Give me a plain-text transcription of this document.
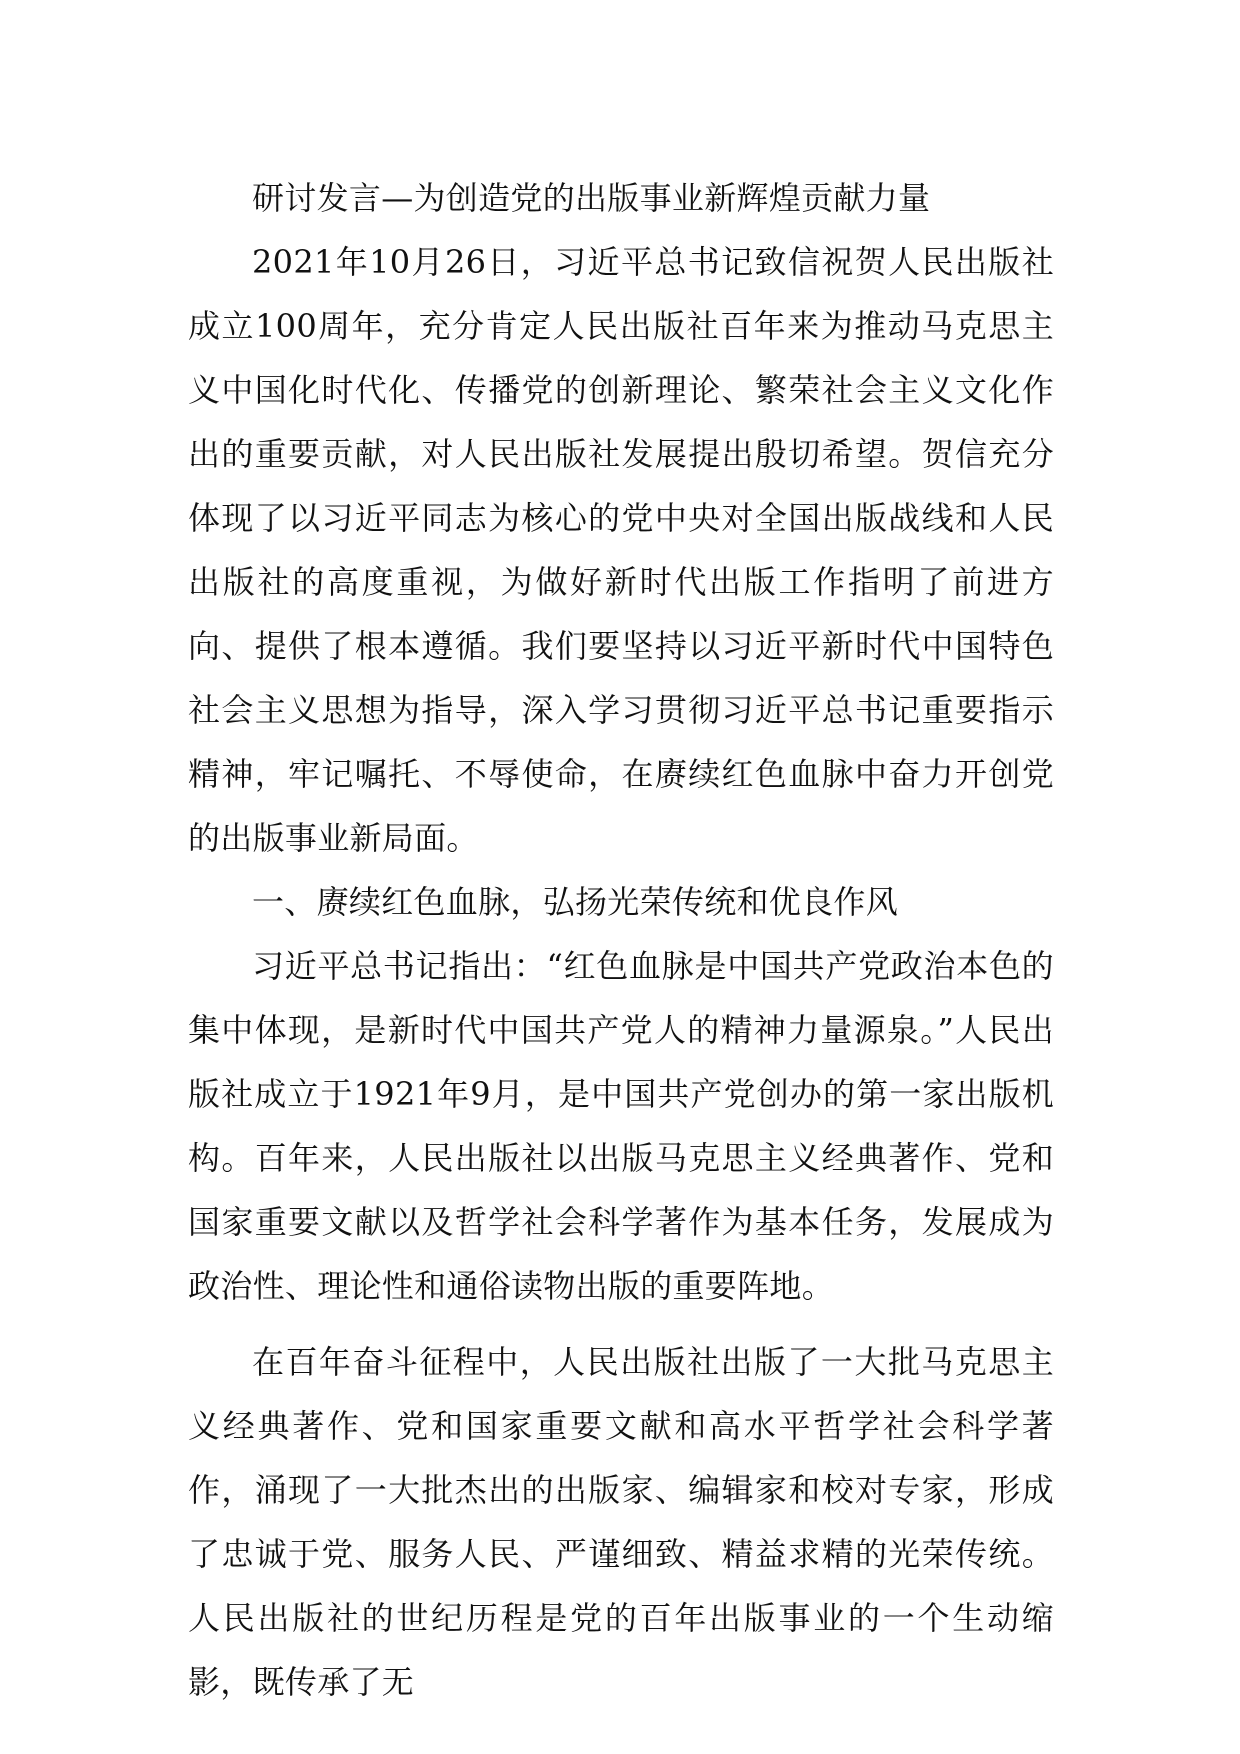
研讨发言—为创造党的出版事业新辉煌贡献力量

2021年10月26日，习近平总书记致信祝贺人民出版社成立100周年，充分肯定人民出版社百年来为推动马克思主义中国化时代化、传播党的创新理论、繁荣社会主义文化作出的重要贡献，对人民出版社发展提出殷切希望。贺信充分体现了以习近平同志为核心的党中央对全国出版战线和人民出版社的高度重视，为做好新时代出版工作指明了前进方向、提供了根本遵循。我们要坚持以习近平新时代中国特色社会主义思想为指导，深入学习贯彻习近平总书记重要指示精神，牢记嘱托、不辱使命，在赓续红色血脉中奋力开创党的出版事业新局面。

一、赓续红色血脉，弘扬光荣传统和优良作风

习近平总书记指出：“红色血脉是中国共产党政治本色的集中体现，是新时代中国共产党人的精神力量源泉。”人民出版社成立于1921年9月，是中国共产党创办的第一家出版机构。百年来，人民出版社以出版马克思主义经典著作、党和国家重要文献以及哲学社会科学著作为基本任务，发展成为政治性、理论性和通俗读物出版的重要阵地。

在百年奋斗征程中，人民出版社出版了一大批马克思主义经典著作、党和国家重要文献和高水平哲学社会科学著作，涌现了一大批杰出的出版家、编辑家和校对专家，形成了忠诚于党、服务人民、严谨细致、精益求精的光荣传统。人民出版社的世纪历程是党的百年出版事业的一个生动缩影，既传承了无
